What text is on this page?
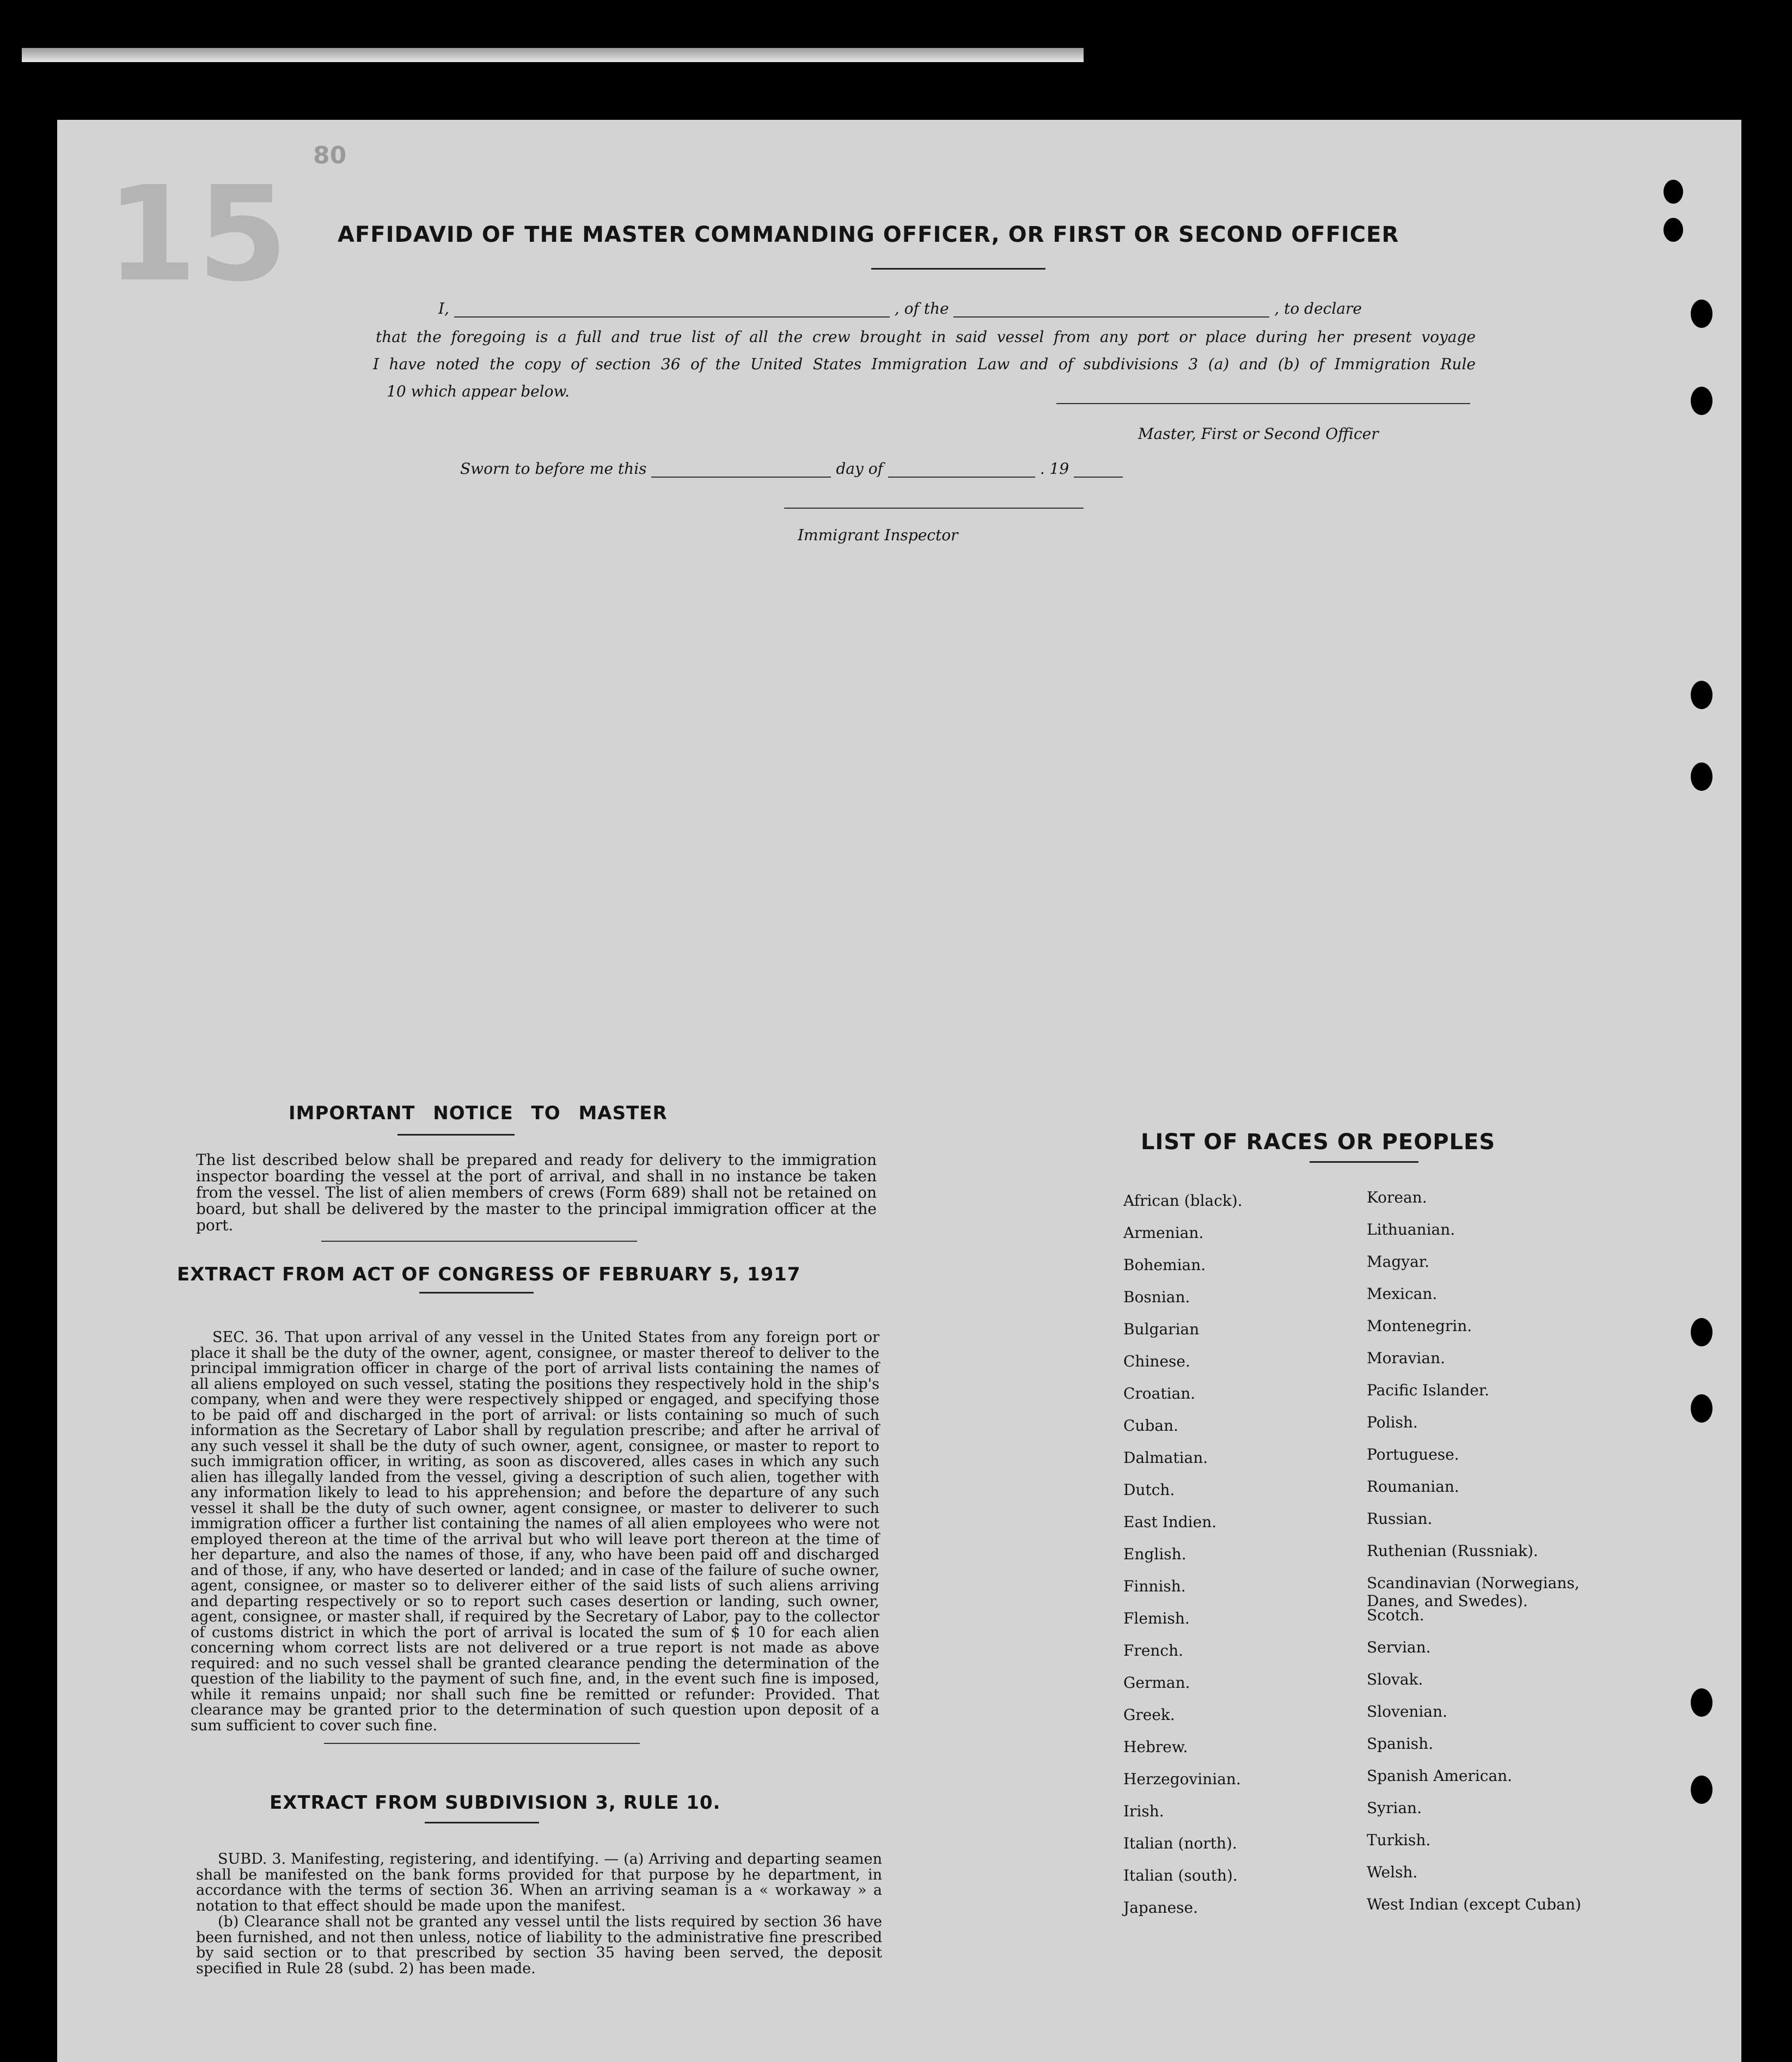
15
80
AFFIDAVID OF THE MASTER COMMANDING OFFICER, OR FIRST OR SECOND OFFICER
I,	, of the	, to declare
that the foregoing is a full and true list of all the crew brought in said vessel from any port or place during her present voyage
I have noted the copy of section 36 of the United States Immigration Law and of subdivisions 3 (a) and (b) of Immigration Rule
10 which appear below.
Master, First or Second Officer
Sworn to before me this	day of	. 19
Immigrant Inspector
IMPORTANT NOTICE TO MASTER
The list described below shall be prepared and ready for delivery to the immigration inspector boarding the vessel at the port of arrival, and shall in no instance be taken from the vessel. The list of alien members of crews (Form 689) shall not be retained on board, but shall be delivered by the master to the principal immigration officer at the port.
EXTRACT FROM ACT OF CONGRESS OF FEBRUARY 5, 1917
SEC. 36. That upon arrival of any vessel in the United States from any foreign port or place it shall be the duty of the owner, agent, consignee, or master thereof to deliver to the principal immigration officer in charge of the port of arrival lists containing the names of all aliens employed on such vessel, stating the positions they respectively hold in the ship's company, when and were they were respectively shipped or engaged, and specifying those to be paid off and discharged in the port of arrival: or lists containing so much of such information as the Secretary of Labor shall by regulation prescribe; and after he arrival of any such vessel it shall be the duty of such owner, agent, consignee, or master to report to such immigration officer, in writing, as soon as discovered, alles cases in which any such alien has illegally landed from the vessel, giving a description of such alien, together with any information likely to lead to his apprehension; and before the departure of any such vessel it shall be the duty of such owner, agent consignee, or master to deliverer to such immigration officer a further list containing the names of all alien employees who were not employed thereon at the time of the arrival but who will leave port thereon at the time of her departure, and also the names of those, if any, who have been paid off and discharged and of those, if any, who have deserted or landed; and in case of the failure of suche owner, agent, consignee, or master so to deliverer either of the said lists of such aliens arriving and departing respectively or so to report such cases desertion or landing, such owner, agent, consignee, or master shall, if required by the Secretary of Labor, pay to the collector of customs district in which the port of arrival is located the sum of $ 10 for each alien concerning whom correct lists are not delivered or a true report is not made as above required: and no such vessel shall be granted clearance pending the determination of the question of the liability to the payment of such fine, and, in the event such fine is imposed, while it remains unpaid; nor shall such fine be remitted or refunder: Provided. That clearance may be granted prior to the determination of such question upon deposit of a sum sufficient to cover such fine.
EXTRACT FROM SUBDIVISION 3, RULE 10.
SUBD. 3. Manifesting, registering, and identifying. — (a) Arriving and departing seamen shall be manifested on the bank forms provided for that purpose by he department, in accordance with the terms of section 36. When an arriving seaman is a « workaway » a notation to that effect should be made upon the manifest.
(b) Clearance shall not be granted any vessel until the lists required by section 36 have been furnished, and not then unless, notice of liability to the administrative fine prescribed by said section or to that prescribed by section 35 having been served, the deposit specified in Rule 28 (subd. 2) has been made.
LIST OF RACES OR PEOPLES
African (black).
Armenian.
Bohemian.
Bosnian.
Bulgarian
Chinese.
Croatian.
Cuban.
Dalmatian.
Dutch.
East Indien.
English.
Finnish.
Flemish.
French.
German.
Greek.
Hebrew.
Herzegovinian.
Irish.
Italian (north).
Italian (south).
Japanese.
Korean.
Lithuanian.
Magyar.
Mexican.
Montenegrin.
Moravian.
Pacific Islander.
Polish.
Portuguese.
Roumanian.
Russian.
Ruthenian (Russniak).
Scandinavian (Norwegians, Danes, and Swedes).
Scotch.
Servian.
Slovak.
Slovenian.
Spanish.
Spanish American.
Syrian.
Turkish.
Welsh.
West Indian (except Cuban)
